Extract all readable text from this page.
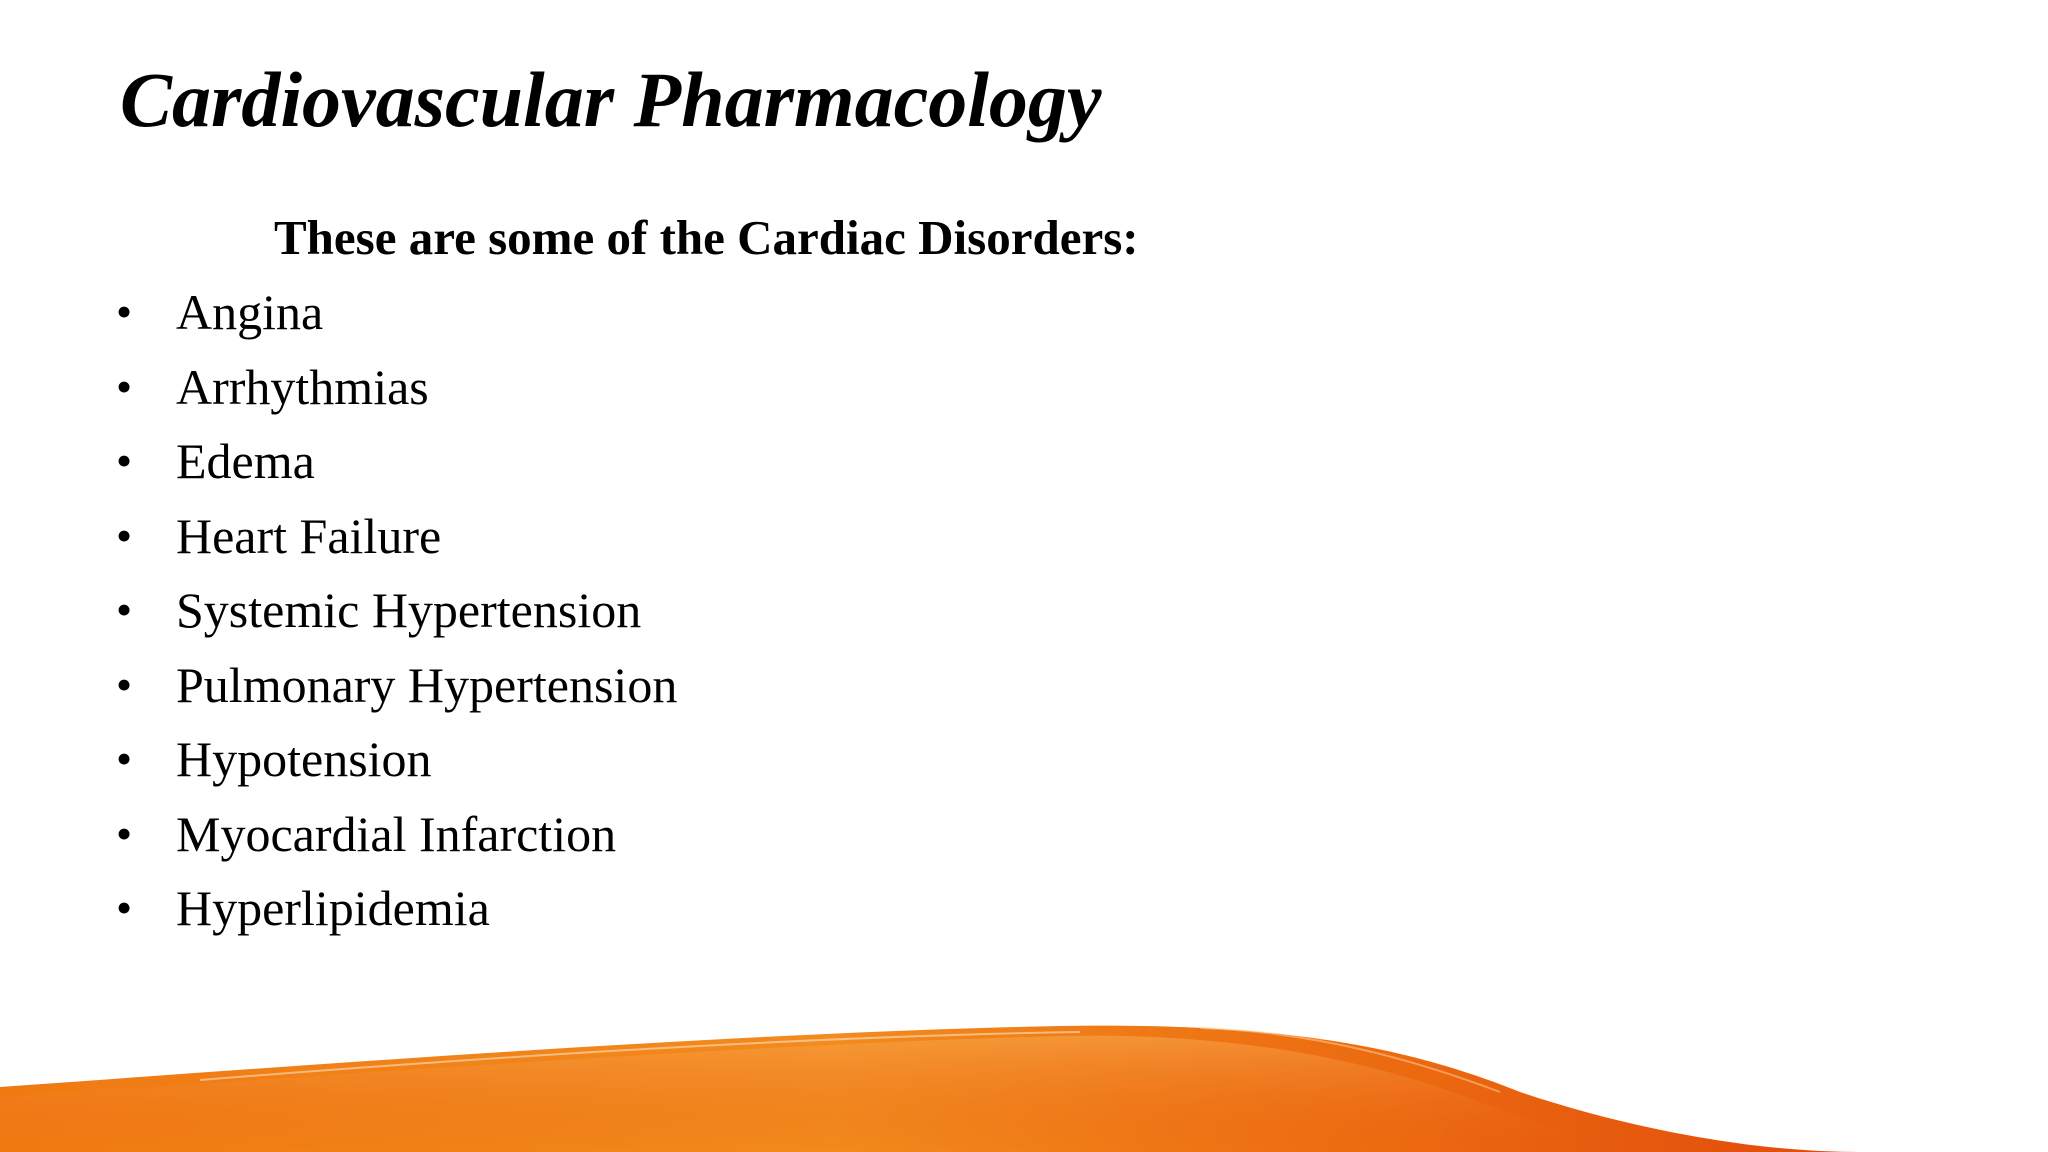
Cardiovascular Pharmacology
These are some of the Cardiac Disorders:
• Angina
• Arrhythmias
• Edema
• Heart Failure
• Systemic Hypertension
• Pulmonary Hypertension
• Hypotension
• Myocardial Infarction
• Hyperlipidemia
